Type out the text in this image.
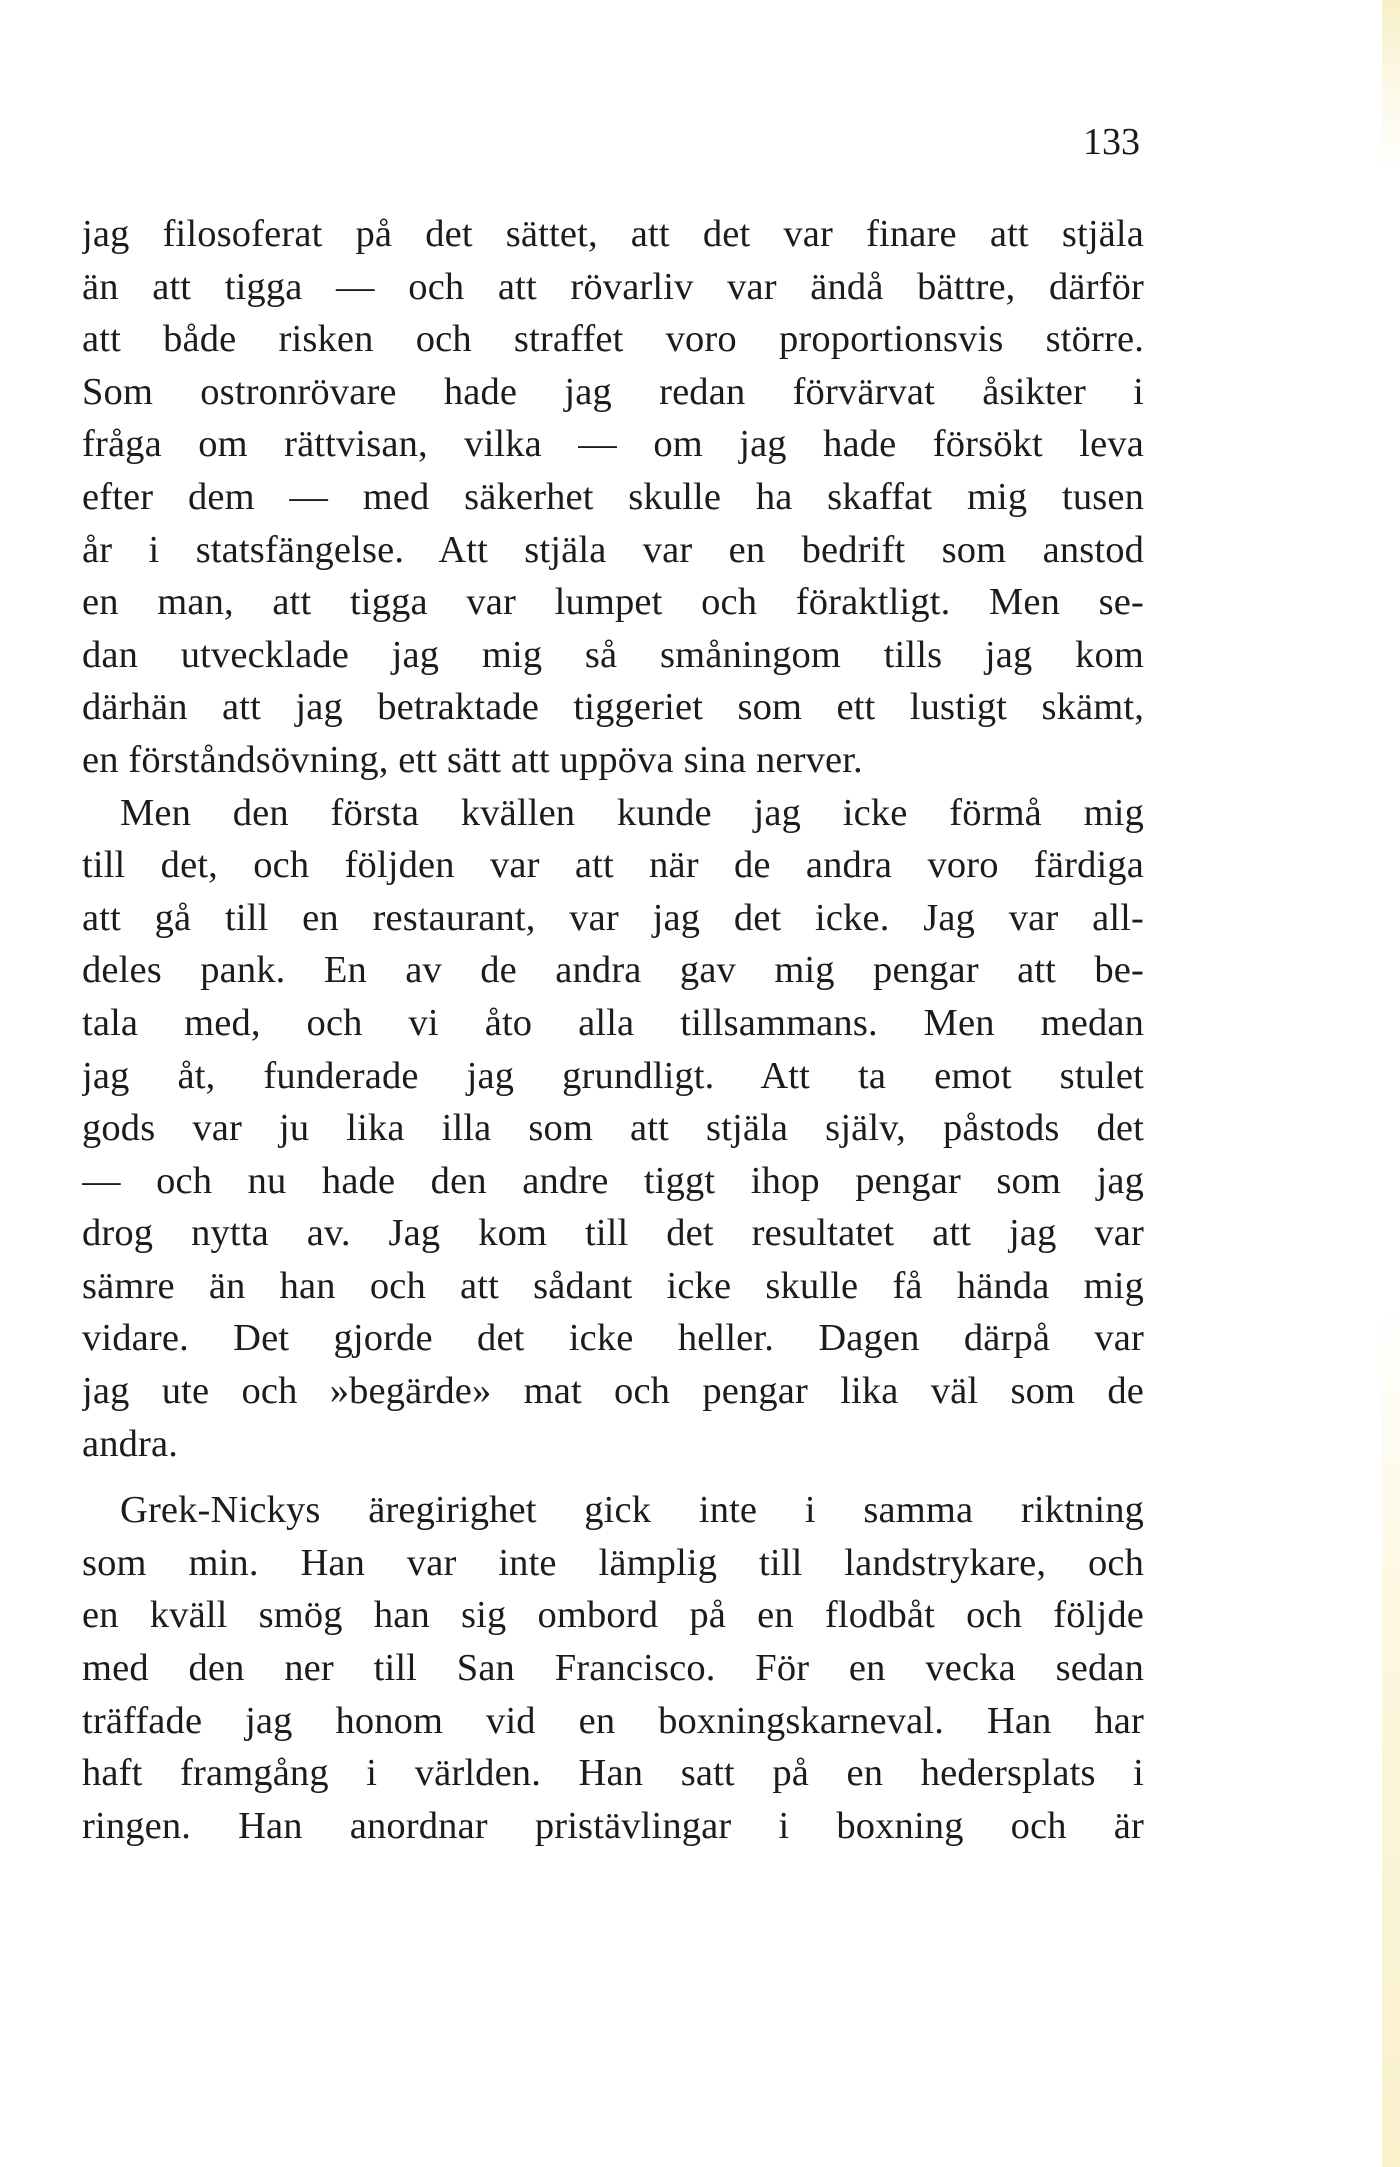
133
jag filosoferat på det sättet, att det var finare att stjäla
än att tigga — och att rövarliv var ändå bättre, därför
att både risken och straffet voro proportionsvis större.
Som ostronrövare hade jag redan förvärvat åsikter i
fråga om rättvisan, vilka — om jag hade försökt leva
efter dem — med säkerhet skulle ha skaffat mig tusen
år i statsfängelse. Att stjäla var en bedrift som anstod
en man, att tigga var lumpet och föraktligt. Men se-
dan utvecklade jag mig så småningom tills jag kom
därhän att jag betraktade tiggeriet som ett lustigt skämt,
en förståndsövning, ett sätt att uppöva sina nerver.
Men den första kvällen kunde jag icke förmå mig
till det, och följden var att när de andra voro färdiga
att gå till en restaurant, var jag det icke. Jag var all-
deles pank. En av de andra gav mig pengar att be-
tala med, och vi åto alla tillsammans. Men medan
jag åt, funderade jag grundligt. Att ta emot stulet
gods var ju lika illa som att stjäla själv, påstods det
— och nu hade den andre tiggt ihop pengar som jag
drog nytta av. Jag kom till det resultatet att jag var
sämre än han och att sådant icke skulle få hända mig
vidare. Det gjorde det icke heller. Dagen därpå var
jag ute och »begärde» mat och pengar lika väl som de
andra.
Grek-Nickys äregirighet gick inte i samma riktning
som min. Han var inte lämplig till landstrykare, och
en kväll smög han sig ombord på en flodbåt och följde
med den ner till San Francisco. För en vecka sedan
träffade jag honom vid en boxningskarneval. Han har
haft framgång i världen. Han satt på en hedersplats i
ringen. Han anordnar pristävlingar i boxning och är
